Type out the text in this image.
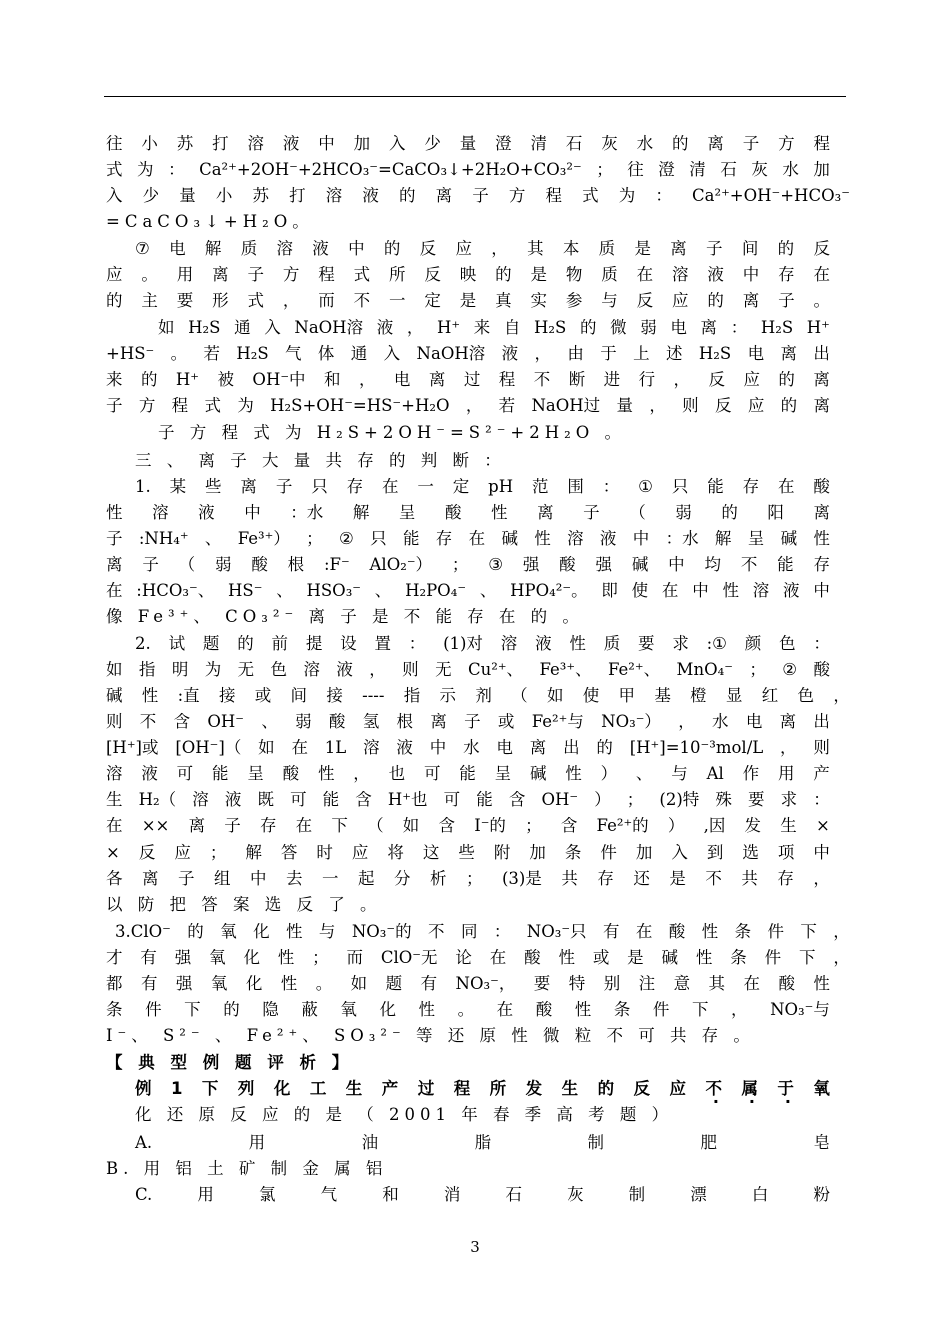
往 小 苏 打 溶 液 中 加 入 少 量 澄 清 石 灰 水 的 离 子 方 程
式 为 ： Ca²⁺+2OH⁻+2HCO₃⁻=CaCO₃↓+2H₂O+CO₃²⁻ ； 往 澄 清 石 灰 水 加
入 少 量 小 苏 打 溶 液 的 离 子 方 程 式 为 ： Ca²⁺+OH⁻+HCO₃⁻
=CaCO₃↓+H₂O。
⑦ 电 解 质 溶 液 中 的 反 应 ， 其 本 质 是 离 子 间 的 反
应 。 用 离 子 方 程 式 所 反 映 的 是 物 质 在 溶 液 中 存 在
的 主 要 形 式 ， 而 不 一 定 是 真 实 参 与 反 应 的 离 子 。
如 H₂S 通 入 NaOH溶 液 ， H⁺ 来 自 H₂S 的 微 弱 电 离 ： H₂S H⁺
+HS⁻ 。 若 H₂S 气 体 通 入 NaOH溶 液 ， 由 于 上 述 H₂S 电 离 出
来 的 H⁺ 被 OH⁻中 和 ， 电 离 过 程 不 断 进 行 ， 反 应 的 离
子 方 程 式 为 H₂S+OH⁻=HS⁻+H₂O ， 若 NaOH过 量 ， 则 反 应 的 离
子 方 程 式 为 H₂S+2OH⁻=S²⁻+2H₂O 。
三 、 离 子 大 量 共 存 的 判 断 ：
1. 某 些 离 子 只 存 在 一 定 pH 范 围 ： ① 只 能 存 在 酸
性 溶 液 中 ：水 解 呈 酸 性 离 子 （ 弱 的 阳 离
子 :NH₄⁺ 、 Fe³⁺） ； ② 只 能 存 在 碱 性 溶 液 中 ：水 解 呈 碱 性
离 子 （ 弱 酸 根 :F⁻ AlO₂⁻） ； ③ 强 酸 强 碱 中 均 不 能 存
在 :HCO₃⁻、 HS⁻ 、 HSO₃⁻ 、 H₂PO₄⁻ 、 HPO₄²⁻。 即 使 在 中 性 溶 液 中
像 Fe³⁺、 CO₃²⁻ 离 子 是 不 能 存 在 的 。
2. 试 题 的 前 提 设 置 ： (1)对 溶 液 性 质 要 求 :① 颜 色 ：
如 指 明 为 无 色 溶 液 ， 则 无 Cu²⁺、 Fe³⁺、 Fe²⁺、 MnO₄⁻ ； ② 酸
碱 性 :直 接 或 间 接 ---- 指 示 剂 （ 如 使 甲 基 橙 显 红 色 ，
则 不 含 OH⁻ 、 弱 酸 氢 根 离 子 或 Fe²⁺与 NO₃⁻） ， 水 电 离 出
[H⁺]或 [OH⁻]（ 如 在 1L 溶 液 中 水 电 离 出 的 [H⁺]=10⁻³mol/L ， 则
溶 液 可 能 呈 酸 性 ， 也 可 能 呈 碱 性 ） 、 与 Al 作 用 产
生 H₂（ 溶 液 既 可 能 含 H⁺也 可 能 含 OH⁻ ） ； (2)特 殊 要 求 ：
在 ×× 离 子 存 在 下 （ 如 含 I⁻的 ； 含 Fe²⁺的 ） ,因 发 生 ×
× 反 应 ； 解 答 时 应 将 这 些 附 加 条 件 加 入 到 选 项 中
各 离 子 组 中 去 一 起 分 析 ； (3)是 共 存 还 是 不 共 存 ，
以 防 把 答 案 选 反 了 。
3.ClO⁻ 的 氧 化 性 与 NO₃⁻的 不 同 ： NO₃⁻只 有 在 酸 性 条 件 下 ，
才 有 强 氧 化 性 ； 而 ClO⁻无 论 在 酸 性 或 是 碱 性 条 件 下 ，
都 有 强 氧 化 性 。 如 题 有 NO₃⁻， 要 特 别 注 意 其 在 酸 性
条 件 下 的 隐 蔽 氧 化 性 。 在 酸 性 条 件 下 ， NO₃⁻与
I⁻、 S²⁻ 、 Fe²⁺、 SO₃²⁻ 等 还 原 性 微 粒 不 可 共 存 。
【 典 型 例 题 评 析 】
例 1 下 列 化 工 生 产 过 程 所 发 生 的 反 应 不 · 属 · 于 · 氧
化 还 原 反 应 的 是 （ 2001 年 春 季 高 考 题 ）
A.	用	油	脂	制	肥	皂
B. 用 铝 土 矿 制 金 属 铝
C.	用	氯	气	和	消	石	灰	制	漂	白	粉
3
